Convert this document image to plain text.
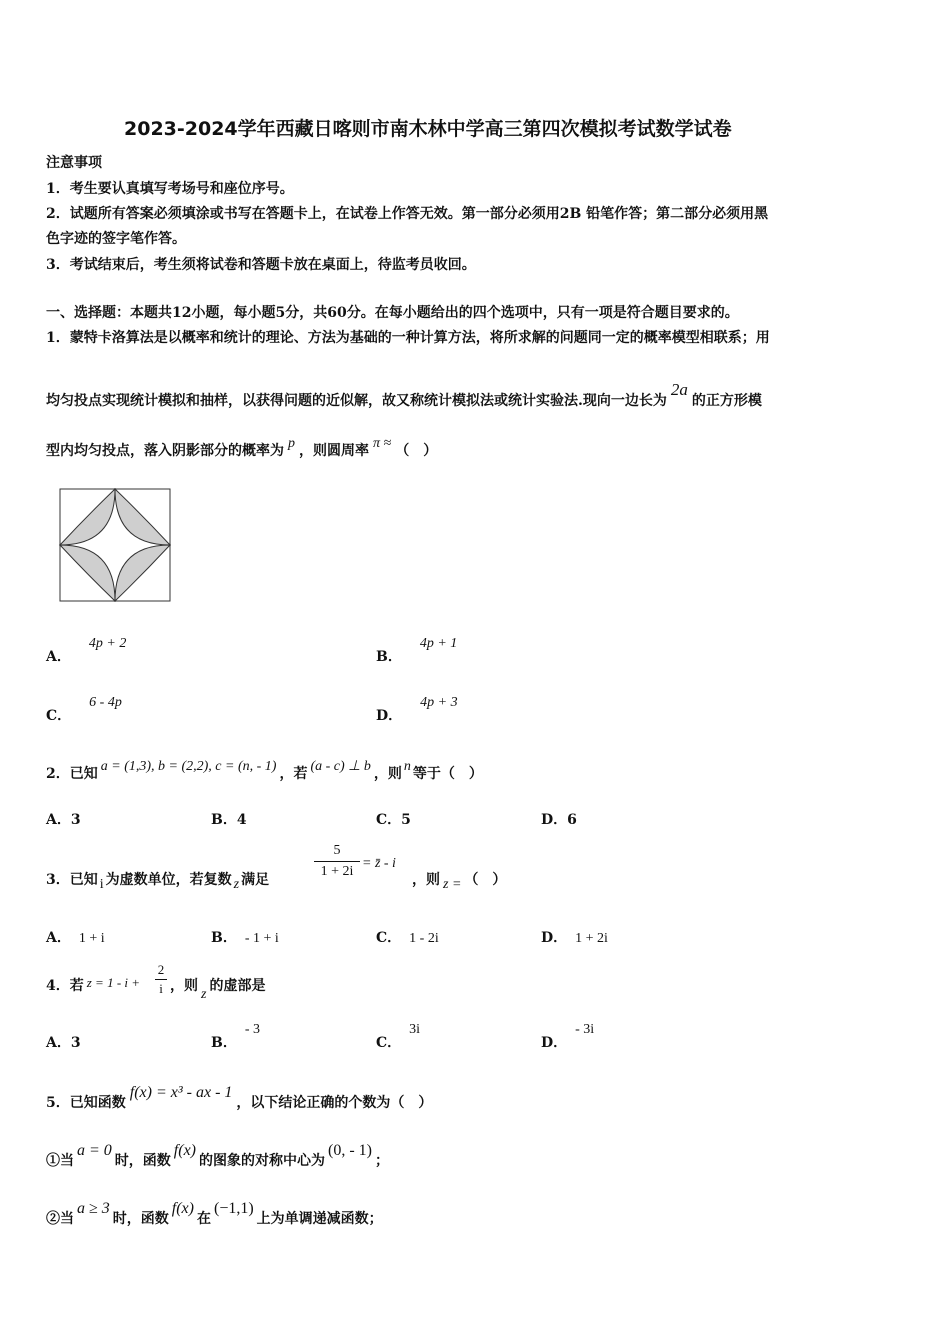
2023-2024学年西藏日喀则市南木林中学高三第四次模拟考试数学试卷
注意事项
1．考生要认真填写考场号和座位序号。
2．试题所有答案必须填涂或书写在答题卡上，在试卷上作答无效。第一部分必须用2B 铅笔作答；第二部分必须用黑
色字迹的签字笔作答。
3．考试结束后，考生须将试卷和答题卡放在桌面上，待监考员收回。
一、选择题：本题共12小题，每小题5分，共60分。在每小题给出的四个选项中，只有一项是符合题目要求的。
1．蒙特卡洛算法是以概率和统计的理论、方法为基础的一种计算方法，将所求解的问题同一定的概率模型相联系；用
均匀投点实现统计模拟和抽样，以获得问题的近似解，故又称统计模拟法或统计实验法.现向一边长为2a的正方形模
型内均匀投点，落入阴影部分的概率为 p ，则圆周率 π ≈ （　）
A．4p + 2
B．4p + 1
C．6 - 4p
D．4p + 3
2．已知 a = (1,3), b = (2,2), c = (n, - 1) ，若 (a - c) ⊥ b ，则 n 等于（　）
A．3	B．4	C．5	D．6
3．已知 i 为虚数单位，若复数 z 满足
5
1 + 2i
= z̄ - i
，则 z = （　）
A． 1 + i	B． - 1 + i	C． 1 - 2i	D． 1 + 2i
4．若 z = 1 - i +
2
i ，则z的虚部是
A．3	B．- 3
C．3i
D．- 3i
5．已知函数f(x) = x³ - ax - 1，以下结论正确的个数为（　）
①当a = 0时，函数f(x)的图象的对称中心为(0, - 1)；
②当a ≥ 3时，函数f(x)在(−1,1)上为单调递减函数；
